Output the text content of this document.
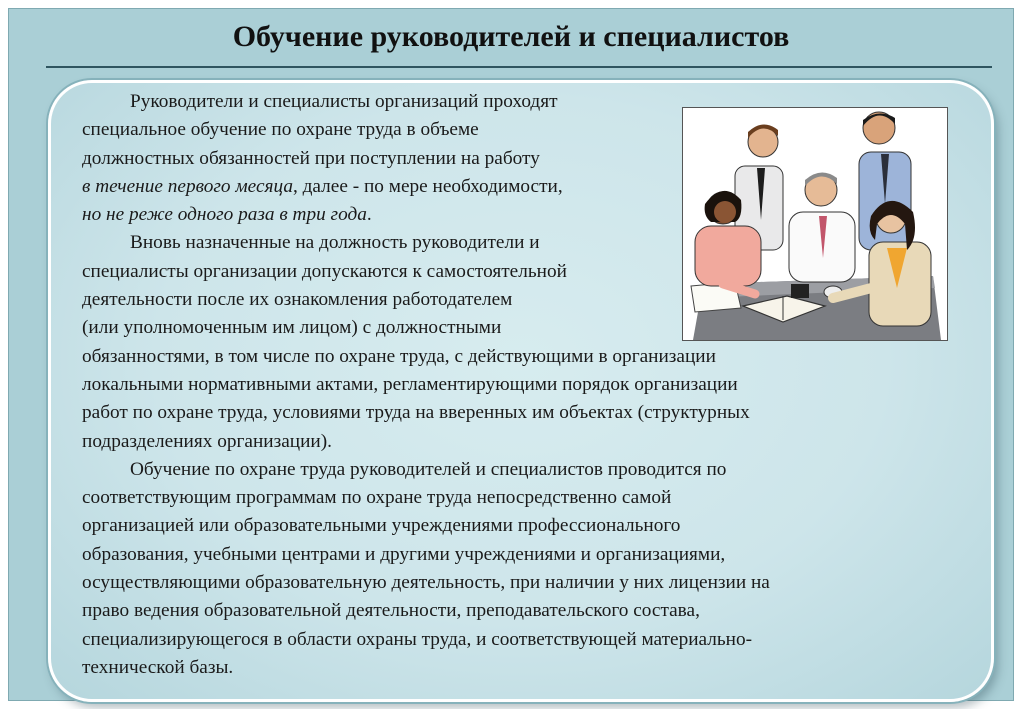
Обучение руководителей и специалистов

Руководители и специалисты организаций проходят
специальное обучение по охране труда в объеме
должностных обязанностей при поступлении на работу
в течение первого месяца, далее - по мере необходимости,
но не реже одного раза в три года.

Вновь назначенные на должность руководители и
специалисты организации допускаются к самостоятельной
деятельности после их ознакомления работодателем
(или уполномоченным им лицом) с должностными
обязанностями, в том числе по охране труда, с действующими в организации
локальными нормативными актами, регламентирующими порядок организации
работ по охране труда, условиями труда на вверенных им объектах (структурных
подразделениях организации).

Обучение по охране труда руководителей и специалистов проводится по
соответствующим программам по охране труда непосредственно самой
организацией или образовательными учреждениями профессионального
образования, учебными центрами и другими учреждениями и организациями,
осуществляющими образовательную деятельность, при наличии у них лицензии на
право ведения образовательной деятельности, преподавательского состава,
специализирующегося в области охраны труда, и соответствующей материально-
технической базы.
